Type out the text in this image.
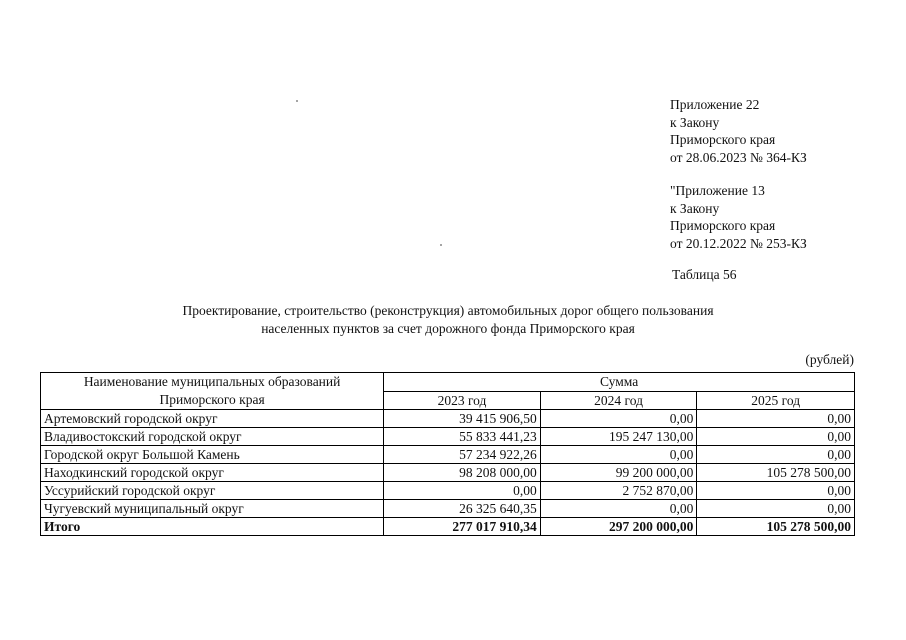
Приложение 22
к Закону
Приморского края
от 28.06.2023 № 364-КЗ
"Приложение 13
к Закону
Приморского края
от 20.12.2022 № 253-КЗ
Таблица 56
Проектирование, строительство (реконструкция) автомобильных дорог общего пользования
населенных пунктов за счет дорожного фонда Приморского края
(рублей)
Наименование муниципальных образований Приморского края	Сумма		
	2023 год	2024 год	2025 год
Артемовский городской округ	39 415 906,50	0,00	0,00
Владивостокский городской округ	55 833 441,23	195 247 130,00	0,00
Городской округ Большой Камень	57 234 922,26	0,00	0,00
Находкинский городской округ	98 208 000,00	99 200 000,00	105 278 500,00
Уссурийский городской округ	0,00	2 752 870,00	0,00
Чугуевский муниципальный округ	26 325 640,35	0,00	0,00
Итого	277 017 910,34	297 200 000,00	105 278 500,00
